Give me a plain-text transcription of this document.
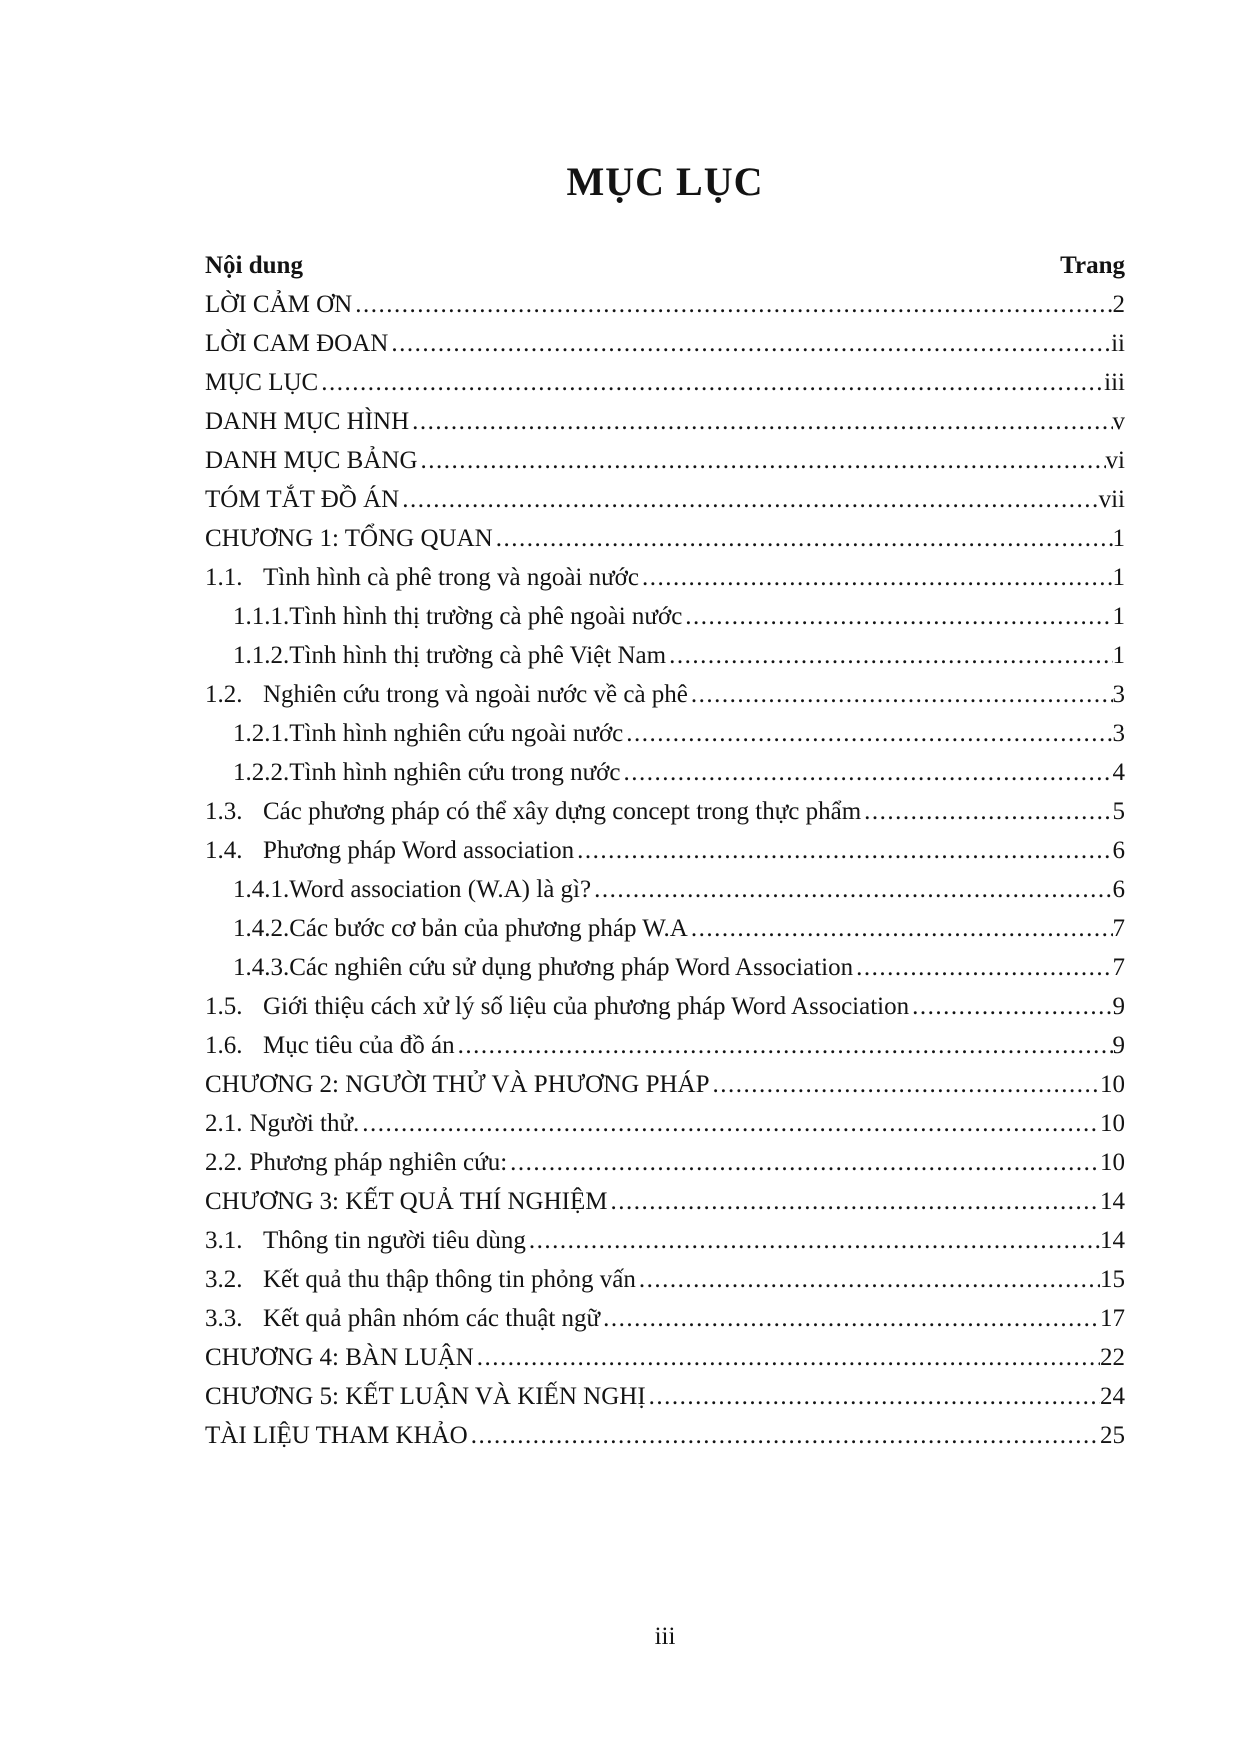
MỤC LỤC
Nội dung	Trang
LỜI CẢM ƠN .....	2
LỜI CAM ĐOAN .....	ii
MỤC LỤC .....	iii
DANH MỤC HÌNH .....	v
DANH MỤC BẢNG .....	vi
TÓM TẮT ĐỒ ÁN .....	vii
CHƯƠNG 1: TỔNG QUAN .....	1
1.1. Tình hình cà phê trong và ngoài nước .....	1
1.1.1. Tình hình thị trường cà phê ngoài nước .....	1
1.1.2. Tình hình thị trường cà phê Việt Nam .....	1
1.2. Nghiên cứu trong và ngoài nước về cà phê .....	3
1.2.1. Tình hình nghiên cứu ngoài nước .....	3
1.2.2. Tình hình nghiên cứu trong nước .....	4
1.3. Các phương pháp có thể xây dựng concept trong thực phẩm .....	5
1.4. Phương pháp Word association .....	6
1.4.1. Word association (W.A) là gì? .....	6
1.4.2. Các bước cơ bản của phương pháp W.A .....	7
1.4.3. Các nghiên cứu sử dụng phương pháp Word Association .....	7
1.5. Giới thiệu cách xử lý số liệu của phương pháp Word Association .....	9
1.6. Mục tiêu của đồ án .....	9
CHƯƠNG 2: NGƯỜI THỬ VÀ PHƯƠNG PHÁP .....	10
2.1. Người thử. .....	10
2.2. Phương pháp nghiên cứu: .....	10
CHƯƠNG 3: KẾT QUẢ THÍ NGHIỆM .....	14
3.1. Thông tin người tiêu dùng .....	14
3.2. Kết quả thu thập thông tin phỏng vấn .....	15
3.3. Kết quả phân nhóm các thuật ngữ .....	17
CHƯƠNG 4: BÀN LUẬN .....	22
CHƯƠNG 5: KẾT LUẬN VÀ KIẾN NGHỊ .....	24
TÀI LIỆU THAM KHẢO .....	25
iii
